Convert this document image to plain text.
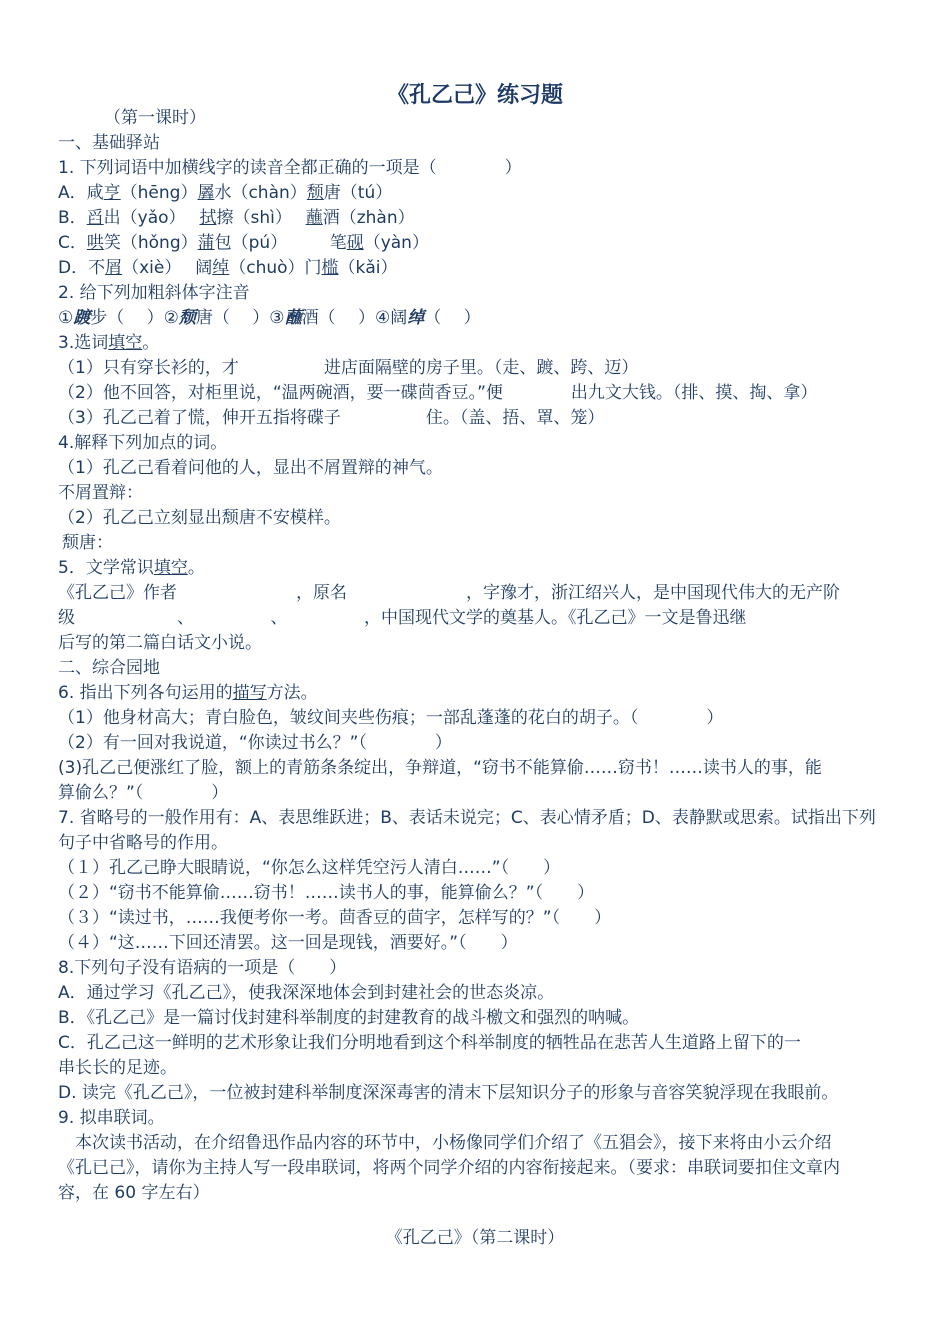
《孔乙己》练习题
（第一课时）
一、基础驿站
1. 下列词语中加横线字的读音全都正确的一项是（　　　　）
A．咸亨（hēng）羼水（chàn）颓唐（tú）
B．舀出（yǎo）　 拭擦（shì）　 蘸酒（zhàn）
C．哄笑（hǒng）蒲包（pú）　　　笔砚（yàn）
D．不屑（xiè）　 阔绰（chuò）门槛（kǎi）
2. 给下列加粗斜体字注音
①踱步（　 ）②颓唐（　 ）③蘸酒（　 ）④阔绰（　 ）
3.选词填空。
（1）只有穿长衫的，才　　　　　进店面隔壁的房子里。（走、踱、跨、迈）
（2）他不回答，对柜里说，“温两碗酒，要一碟茴香豆。”便　　　　出九文大钱。（排、摸、掏、拿）
（3）孔乙己着了慌，伸开五指将碟子　　　　　住。（盖、捂、罩、笼）
4.解释下列加点的词。
（1）孔乙己看着问他的人，显出不屑置辩的神气。
不屑置辩：
（2）孔乙己立刻显出颓唐不安模样。
颓唐：
5．文学常识填空。
《孔乙己》作者　　　　　　　，原名　　　　　　　，字豫才，浙江绍兴人，是中国现代伟大的无产阶
级　　　　　　、　　　　　、　　　　　，中国现代文学的奠基人。《孔乙己》一文是鲁迅继
后写的第二篇白话文小说。
二、综合园地
6. 指出下列各句运用的描写方法。
（1）他身材高大；青白脸色，皱纹间夹些伤痕；一部乱蓬蓬的花白的胡子。（　　　　）
（2）有一回对我说道，“你读过书么？”（　　　　）
(3)孔乙己便涨红了脸，额上的青筋条条绽出，争辩道，“窃书不能算偷……窃书！……读书人的事，能
算偷么？”（　　　　）
7. 省略号的一般作用有：A、表思维跃进；B、表话未说完；C、表心情矛盾；D、表静默或思索。试指出下列
句子中省略号的作用。
（１）孔乙己睁大眼睛说，“你怎么这样凭空污人清白……”（　　）
（２）“窃书不能算偷……窃书！……读书人的事，能算偷么？”（　　）
（３）“读过书，……我便考你一考。茴香豆的茴字，怎样写的？”（　　）
（４）“这……下回还清罢。这一回是现钱，酒要好。”（　　）
8.下列句子没有语病的一项是（　　）
A．通过学习《孔乙己》，使我深深地体会到封建社会的世态炎凉。
B．《孔乙己》是一篇讨伐封建科举制度的封建教育的战斗檄文和强烈的呐喊。
C．孔乙己这一鲜明的艺术形象让我们分明地看到这个科举制度的牺牲品在悲苦人生道路上留下的一
串长长的足迹。
D. 读完《孔乙己》，一位被封建科举制度深深毒害的清末下层知识分子的形象与音容笑貌浮现在我眼前。
9. 拟串联词。
　本次读书活动，在介绍鲁迅作品内容的环节中，小杨像同学们介绍了《五猖会》，接下来将由小云介绍
《孔已己》，请你为主持人写一段串联词，将两个同学介绍的内容衔接起来。（要求：串联词要扣住文章内
容，在 60 字左右）
《孔乙己》（第二课时）
